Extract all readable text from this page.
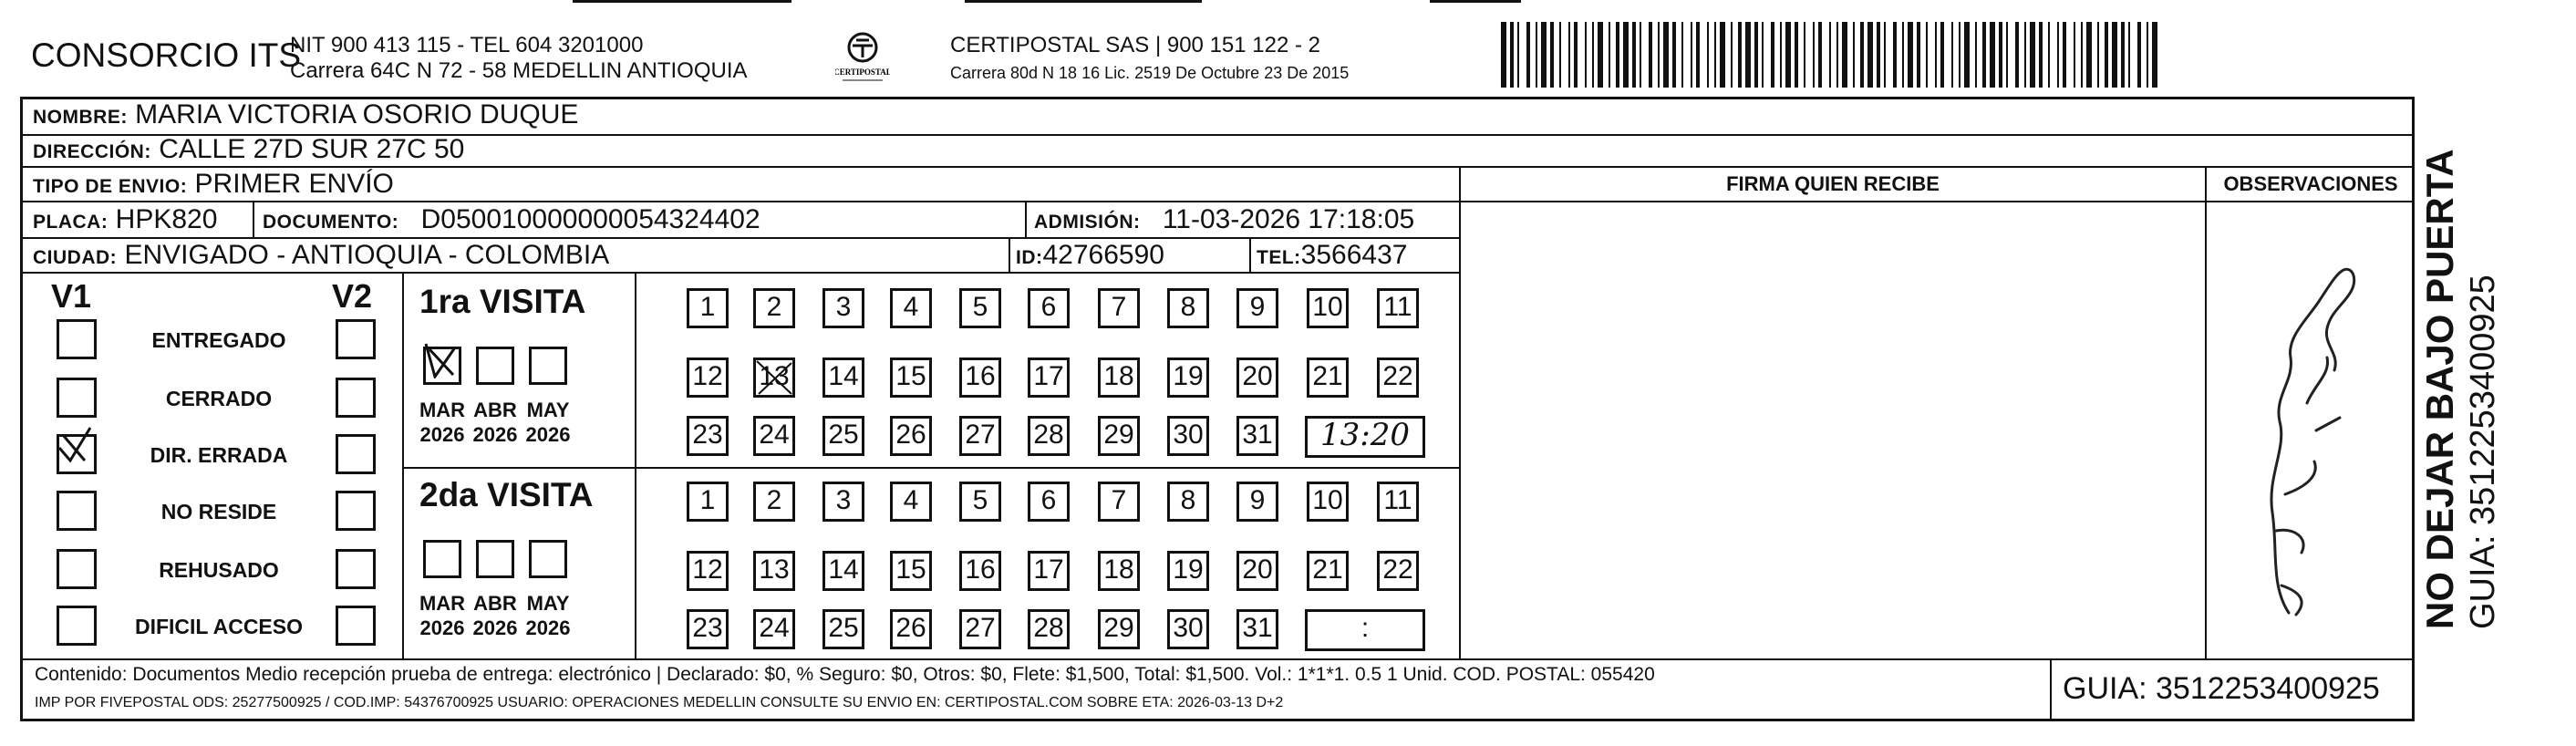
CONSORCIO ITS
NIT 900 413 115 - TEL 604 3201000
Carrera 64C N 72 - 58 MEDELLIN ANTIOQUIA	CERTIPOSTAL
CERTIPOSTAL SAS | 900 151 122 - 2
Carrera 80d N 18 16 Lic. 2519 De Octubre 23 De 2015
NOMBRE: MARIA VICTORIA OSORIO DUQUE
DIRECCIÓN: CALLE 27D SUR 27C 50
TIPO DE ENVIO: PRIMER ENVÍO
PLACA: HPK820 DOCUMENTO: D050010000000054324402	ADMISIÓN: 11-03-2026 17:18:05
CIUDAD: ENVIGADO - ANTIOQUIA - COLOMBIA	ID:42766590	TEL:3566437
FIRMA QUIEN RECIBE	OBSERVACIONES
V1	V2
ENTREGADO
CERRADO
DIR. ERRADA
NO RESIDE
REHUSADO
DIFICIL ACCESO
1ra VISITA
2da VISITA
MAR
2026
ABR
2026
MAY
2026
1	2	3	4	5	6	7	8	9	10 11
12 13 14 15 16 17 18 19 20 21 22
23 24 25 26 27 28 29 30 31	13:20
MAR
2026
ABR
2026
MAY
2026
1	2	3	4	5	6	7	8	9	10 11
12 13 14 15 16 17 18 19 20 21 22
23 24 25 26 27 28 29 30 31	:	NO DEJAR BAJO PUERTA GUIA: 3512253400925
Contenido: Documentos Medio recepción prueba de entrega: electrónico | Declarado: $0, % Seguro: $0, Otros: $0, Flete: $1,500, Total: $1,500. Vol.: 1*1*1. 0.5 1 Unid. COD. POSTAL: 055420
IMP POR FIVEPOSTAL ODS: 25277500925 / COD.IMP: 54376700925 USUARIO: OPERACIONES MEDELLIN CONSULTE SU ENVIO EN: CERTIPOSTAL.COM SOBRE ETA: 2026-03-13 D+2	GUIA: 3512253400925
